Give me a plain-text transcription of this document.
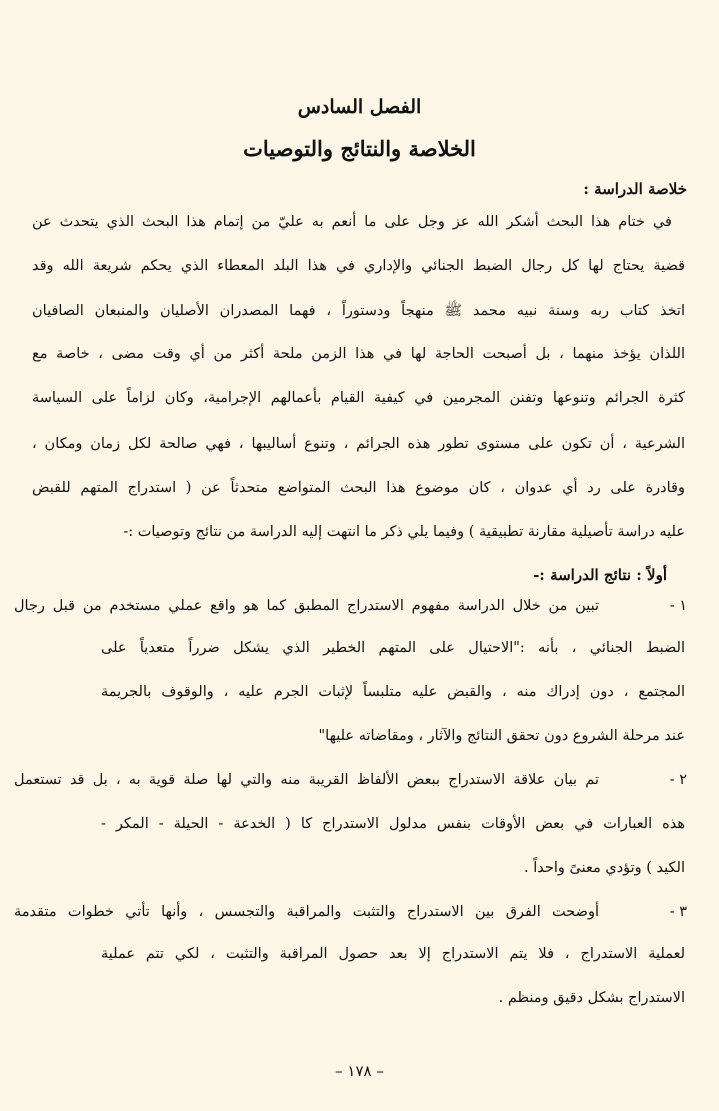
الفصل السادس
الخلاصة والنتائج والتوصيات
خلاصة الدراسة :
في ختام هذا البحث أشكر الله عز وجل على ما أنعم به عليّ من إتمام هذا البحث الذي يتحدث عن
قضية يحتاج لها كل رجال الضبط الجنائي والإداري في هذا البلد المعطاء الذي يحكم شريعة الله وقد
اتخذ كتاب ربه وسنة نبيه محمد ﷺ منهجاً ودستوراً ، فهما المصدران الأصليان والمنبعان الصافيان
اللذان يؤخذ منهما ، بل أصبحت الحاجة لها في هذا الزمن ملحة أكثر من أي وقت مضى ، خاصة مع
كثرة الجرائم وتنوعها وتفنن المجرمين في كيفية القيام بأعمالهم الإجرامية، وكان لزاماً على السياسة
الشرعية ، أن تكون على مستوى تطور هذه الجرائم ، وتنوع أساليبها ، فهي صالحة لكل زمان ومكان ،
وقادرة على رد أي عدوان ، كان موضوع هذا البحث المتواضع متحدثاً عن ( استدراج المتهم للقبض
عليه دراسة تأصيلية مقارنة تطبيقية ) وفيما يلي ذكر ما انتهت إليه الدراسة من نتائج وتوصيات :-
أولاً : نتائج الدراسة :-
١ -
تبين من خلال الدراسة مفهوم الاستدراج المطبق كما هو واقع عملي مستخدم من قبل رجال
الضبط الجنائي ، بأنه :"الاحتيال على المتهم الخطير الذي يشكل ضرراً متعدياً على
المجتمع ، دون إدراك منه ، والقبض عليه متلبساً لإثبات الجرم عليه ، والوقوف بالجريمة
عند مرحلة الشروع دون تحقق النتائج والآثار ، ومقاضاته عليها"
٢ -
تم بيان علاقة الاستدراج ببعض الألفاظ القريبة منه والتي لها صلة قوية به ، بل قد تستعمل
هذه العبارات في بعض الأوقات بنفس مدلول الاستدراج كا ( الخدعة - الحيلة - المكر -
الكيد ) وتؤدي معنىً واحداً .
٣ -
أوضحت الفرق بين الاستدراج والتثبت والمراقبة والتجسس ، وأنها تأتي خطوات متقدمة
لعملية الاستدراج ، فلا يتم الاستدراج إلا بعد حصول المراقبة والتثبت ، لكي تتم عملية
الاستدراج بشكل دقيق ومنظم .
– ١٧٨ –
